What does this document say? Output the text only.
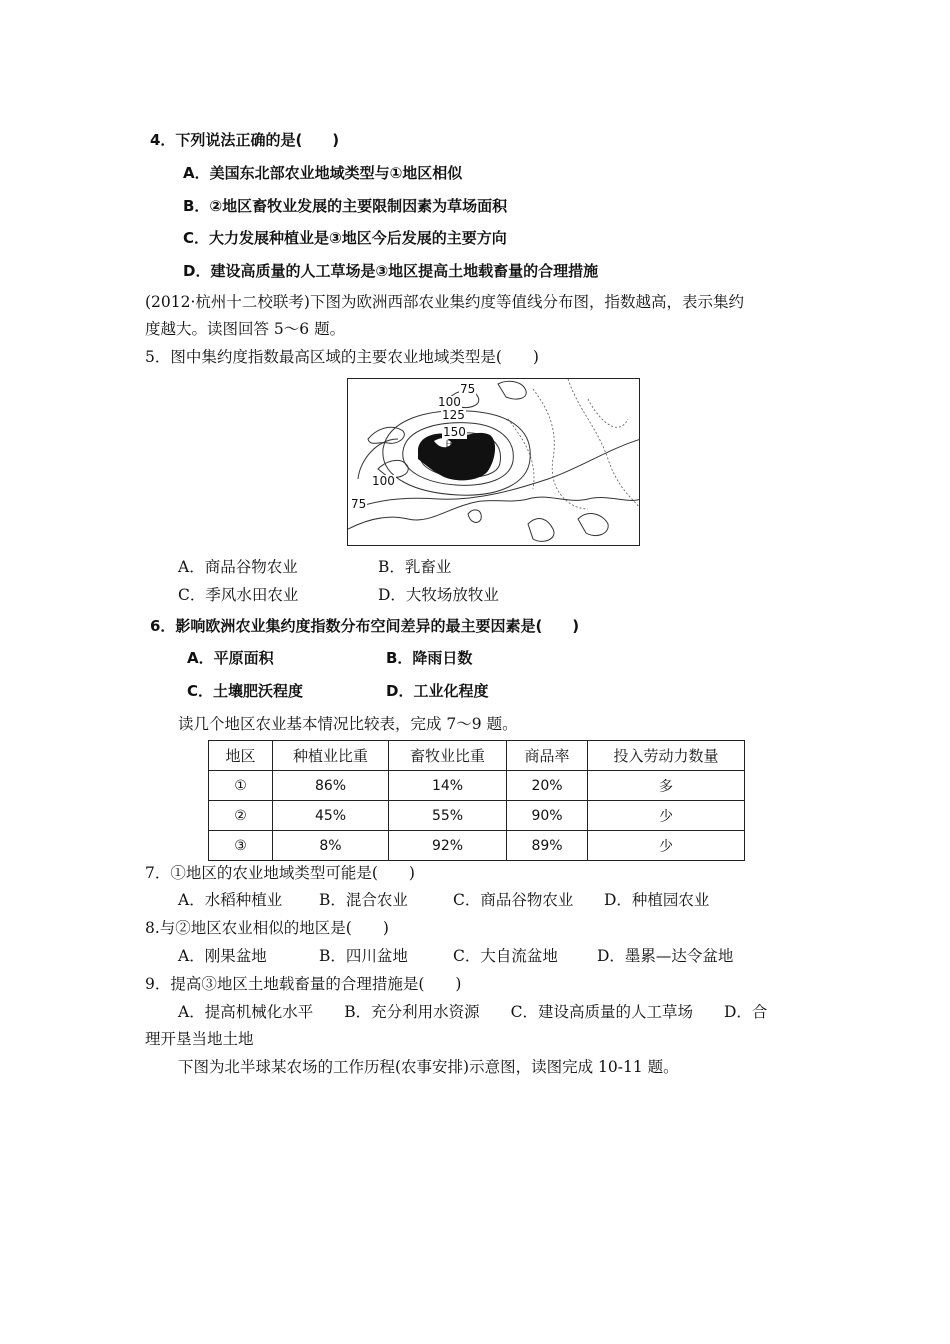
4．下列说法正确的是(　　)
A．美国东北部农业地域类型与①地区相似
B．②地区畜牧业发展的主要限制因素为草场面积
C．大力发展种植业是③地区今后发展的主要方向
D．建设高质量的人工草场是③地区提高土地载畜量的合理措施
(2012·杭州十二校联考)下图为欧洲西部农业集约度等值线分布图，指数越高，表示集约
度越大。读图回答 5～6 题。
5．图中集约度指数最高区域的主要农业地域类型是(　　)
75
100
125
150
甲
100
75
A．商品谷物农业	B．乳畜业
C．季风水田农业	D．大牧场放牧业
6．影响欧洲农业集约度指数分布空间差异的最主要因素是(　　)
A．平原面积	B．降雨日数
C．土壤肥沃程度	D．工业化程度
读几个地区农业基本情况比较表，完成 7～9 题。
地区	种植业比重	畜牧业比重	商品率	投入劳动力数量
①	86%	14%	20%	多
②	45%	55%	90%	少
③	8%	92%	89%	少
7．①地区的农业地域类型可能是(　　)
A．水稻种植业 B．混合农业	C．商品谷物农业 D．种植园农业
8.与②地区农业相似的地区是(　　)
A．刚果盆地	B．四川盆地	C．大自流盆地	D．墨累—达令盆地
9．提高③地区土地载畜量的合理措施是(　　)
A．提高机械化水平　　B．充分利用水资源　　C．建设高质量的人工草场　　D．合
理开垦当地土地
下图为北半球某农场的工作历程(农事安排)示意图，读图完成 10-11 题。
